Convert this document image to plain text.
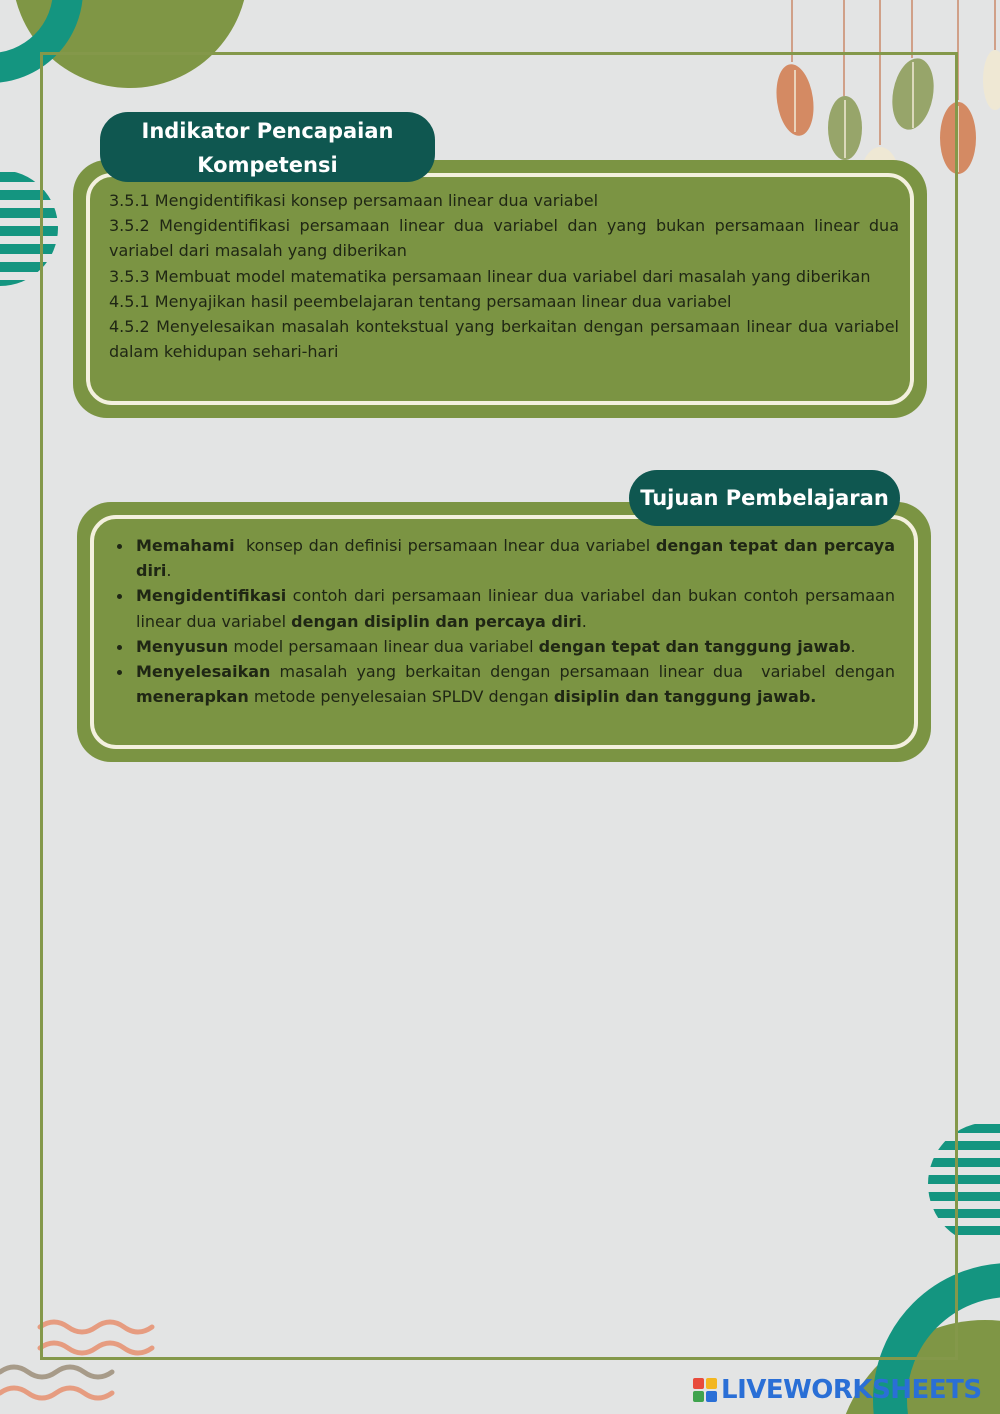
Indikator Pencapaian
Kompetensi
3.5.1 Mengidentifikasi konsep persamaan linear dua variabel
3.5.2 Mengidentifikasi persamaan linear dua variabel dan yang bukan persamaan linear dua variabel dari masalah yang diberikan
3.5.3 Membuat model matematika persamaan linear dua variabel dari masalah yang diberikan
4.5.1 Menyajikan hasil peembelajaran tentang persamaan linear dua variabel
4.5.2 Menyelesaikan masalah kontekstual yang berkaitan dengan persamaan linear dua variabel dalam kehidupan sehari-hari
Tujuan Pembelajaran
Memahami  konsep dan definisi persamaan lnear dua variabel dengan tepat dan percaya diri.
Mengidentifikasi contoh dari persamaan liniear dua variabel dan bukan contoh persamaan linear dua variabel dengan disiplin dan percaya diri.
Menyusun model persamaan linear dua variabel dengan tepat dan tanggung jawab.
Menyelesaikan masalah yang berkaitan dengan persamaan linear dua  variabel dengan menerapkan metode penyelesaian SPLDV dengan disiplin dan tanggung jawab.
LIVEWORKSHEETS
